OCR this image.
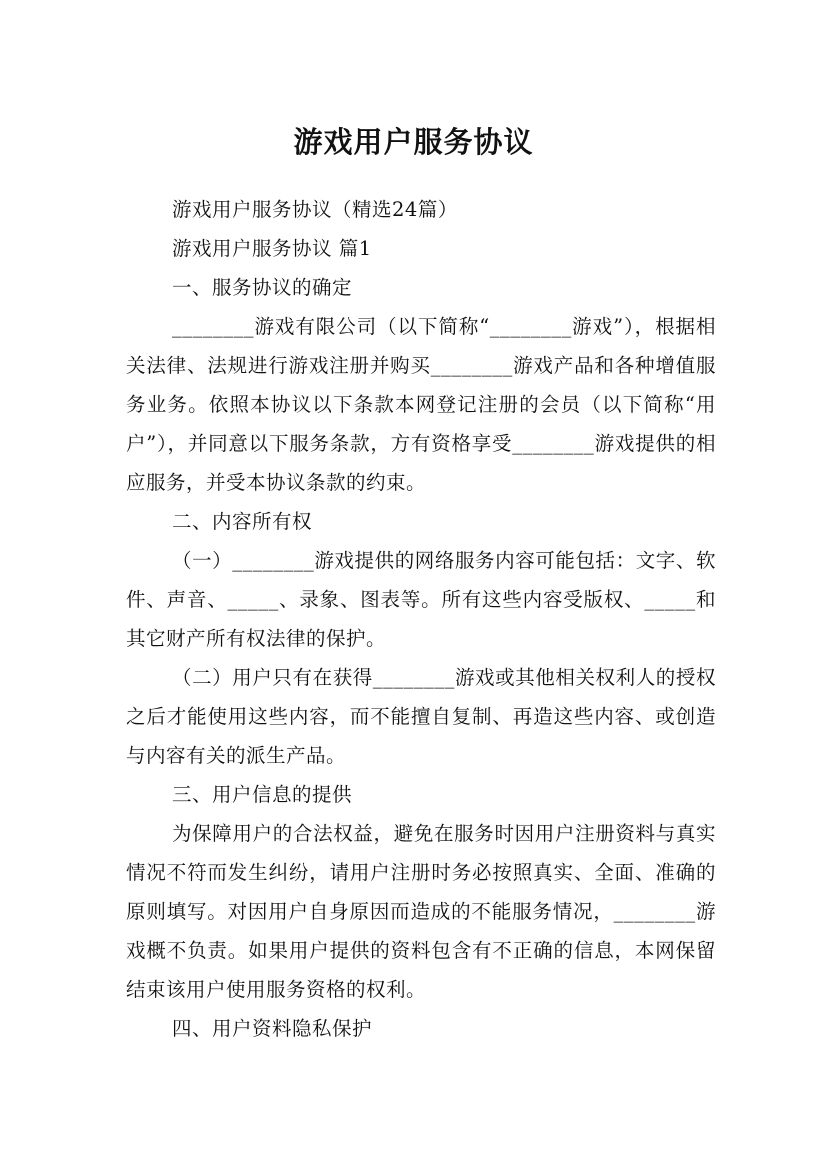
游戏用户服务协议

游戏用户服务协议（精选24篇）

游戏用户服务协议 篇1

一、服务协议的确定

________游戏有限公司（以下简称“________游戏”），根据相关法律、法规进行游戏注册并购买________游戏产品和各种增值服务业务。依照本协议以下条款本网登记注册的会员（以下简称“用户”），并同意以下服务条款，方有资格享受________游戏提供的相应服务，并受本协议条款的约束。

二、内容所有权

（一）________游戏提供的网络服务内容可能包括：文字、软件、声音、_____、录象、图表等。所有这些内容受版权、_____和其它财产所有权法律的保护。

（二）用户只有在获得________游戏或其他相关权利人的授权之后才能使用这些内容，而不能擅自复制、再造这些内容、或创造与内容有关的派生产品。

三、用户信息的提供

为保障用户的合法权益，避免在服务时因用户注册资料与真实情况不符而发生纠纷，请用户注册时务必按照真实、全面、准确的原则填写。对因用户自身原因而造成的不能服务情况，________游戏概不负责。如果用户提供的资料包含有不正确的信息，本网保留结束该用户使用服务资格的权利。

四、用户资料隐私保护
